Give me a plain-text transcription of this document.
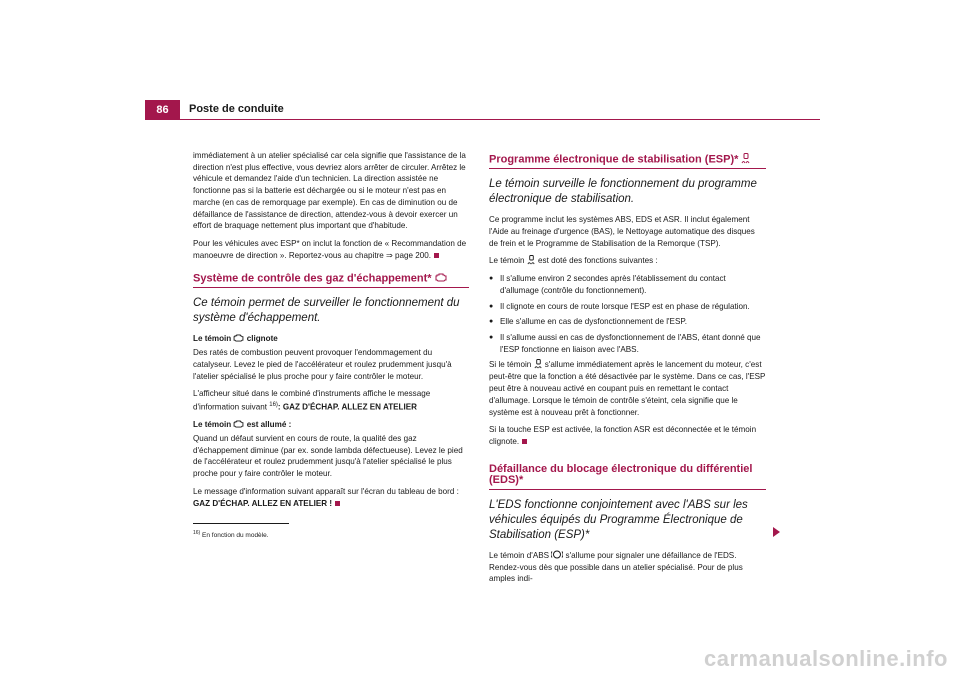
86	Poste de conduite

immédiatement à un atelier spécialisé car cela signifie que l'assistance de la direction n'est plus effective, vous devriez alors arrêter de circuler. Arrêtez le véhicule et demandez l'aide d'un technicien. La direction assistée ne fonctionne pas si la batterie est déchargée ou si le moteur n'est pas en marche (en cas de remorquage par exemple). En cas de diminution ou de défaillance de l'assistance de direction, attendez-vous à devoir exercer un effort de braquage nettement plus important que d'habitude.

Pour les véhicules avec ESP* on inclut la fonction de « Recommandation de manoeuvre de direction ». Reportez-vous au chapitre ⇒ page 200.

Système de contrôle des gaz d'échappement*
Ce témoin permet de surveiller le fonctionnement du système d'échappement.

Le témoin clignote

Des ratés de combustion peuvent provoquer l'endommagement du catalyseur. Levez le pied de l'accélérateur et roulez prudemment jusqu'à l'atelier spécialisé le plus proche pour y faire contrôler le moteur.

L'afficheur situé dans le combiné d'instruments affiche le message d'information suivant $^{16)}$: GAZ D'ÉCHAP. ALLEZ EN ATELIER

Le témoin est allumé :

Quand un défaut survient en cours de route, la qualité des gaz d'échappement diminue (par ex. sonde lambda défectueuse). Levez le pied de l'accélérateur et roulez prudemment jusqu'à l'atelier spécialisé le plus proche pour y faire contrôler le moteur.

Le message d'information suivant apparaît sur l'écran du tableau de bord :
GAZ D'ÉCHAP. ALLEZ EN ATELIER !

$^{16)}$ En fonction du modèle.
Programme électronique de stabilisation (ESP)*
Le témoin surveille le fonctionnement du programme électronique de stabilisation.

Ce programme inclut les systèmes ABS, EDS et ASR. Il inclut également l'Aide au freinage d'urgence (BAS), le Nettoyage automatique des disques de frein et le Programme de Stabilisation de la Remorque (TSP).

Le témoin est doté des fonctions suivantes :

● Il s'allume environ 2 secondes après l'établissement du contact d'allumage (contrôle du fonctionnement).
● Il clignote en cours de route lorsque l'ESP est en phase de régulation.
● Elle s'allume en cas de dysfonctionnement de l'ESP.
● Il s'allume aussi en cas de dysfonctionnement de l'ABS, étant donné que l'ESP fonctionne en liaison avec l'ABS.

Si le témoin s'allume immédiatement après le lancement du moteur, c'est peut-être que la fonction a été désactivée par le système. Dans ce cas, l'ESP peut être à nouveau activé en coupant puis en remettant le contact d'allumage. Lorsque le témoin de contrôle s'éteint, cela signifie que le système est à nouveau prêt à fonctionner.

Si la touche ESP est activée, la fonction ASR est déconnectée et le témoin clignote.

Défaillance du blocage électronique du différentiel (EDS)*
L'EDS fonctionne conjointement avec l'ABS sur les véhicules équipés du Programme Électronique de Stabilisation (ESP)*

Le témoin d'ABS s'allume pour signaler une défaillance de l'EDS. Rendez-vous dès que possible dans un atelier spécialisé. Pour de plus amples indi-

carmanualsonline.info
